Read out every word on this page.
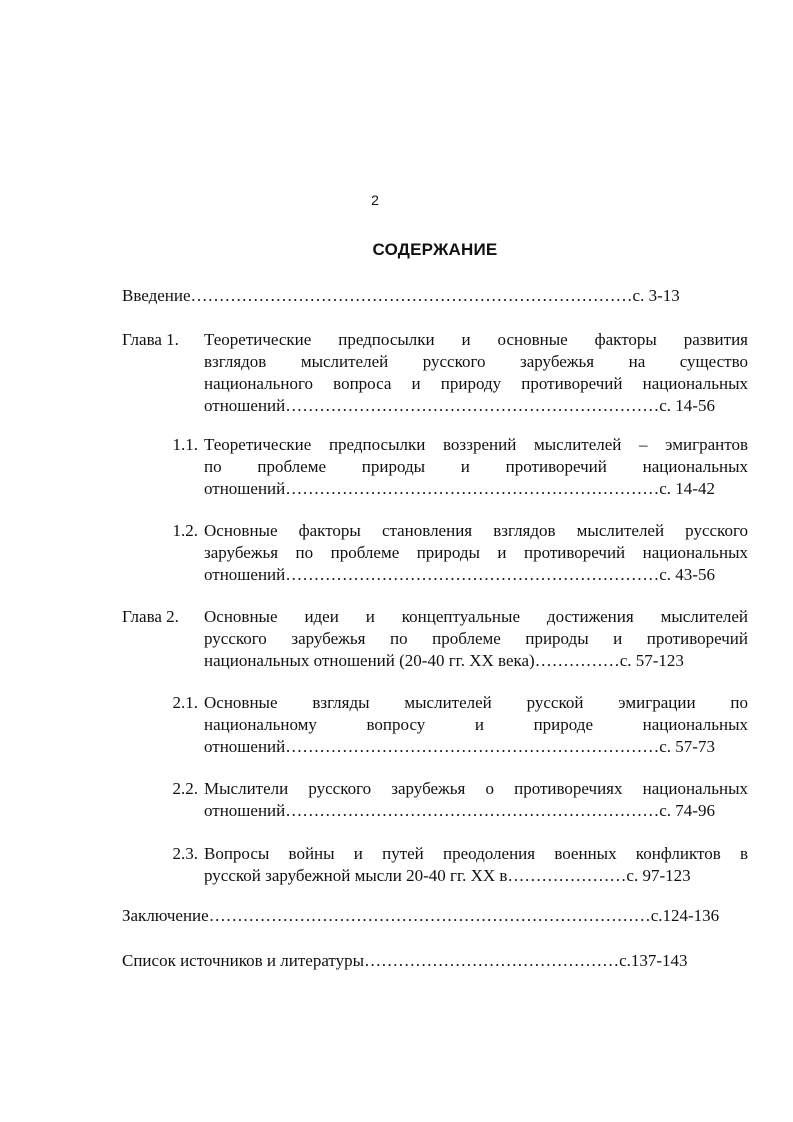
2
СОДЕРЖАНИЕ
Введение……………………………………………………………………с. 3-13
Глава 1.	Теоретические предпосылки и основные факторы развития
взглядов мыслителей русского зарубежья на существо
национального вопроса и природу противоречий национальных
отношений…………………………………………………………с. 14-56
1.1. Теоретические предпосылки воззрений мыслителей – эмигрантов
по проблеме природы и противоречий национальных
отношений…………………………………………………………с. 14-42
1.2. Основные факторы становления взглядов мыслителей русского
зарубежья по проблеме природы и противоречий национальных
отношений…………………………………………………………с. 43-56
Глава 2.	Основные идеи и концептуальные достижения мыслителей
русского зарубежья по проблеме природы и противоречий
национальных отношений (20-40 гг. XX века)……………с. 57-123
2.1. Основные взгляды мыслителей русской эмиграции по
национальному вопросу и природе национальных
отношений…………………………………………………………с. 57-73
2.2. Мыслители русского зарубежья о противоречиях национальных
отношений…………………………………………………………с. 74-96
2.3. Вопросы войны и путей преодоления военных конфликтов в
русской зарубежной мысли 20-40 гг. XX в…………………с. 97-123
Заключение……………………………………………………………………с.124-136
Список источников и литературы………………………………………с.137-143
